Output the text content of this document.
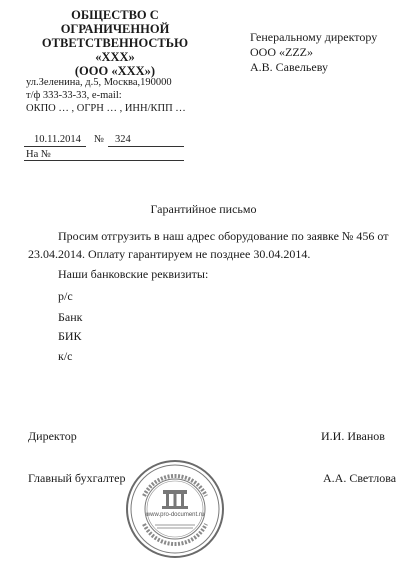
ОБЩЕСТВО С
ОГРАНИЧЕННОЙ
ОТВЕТСТВЕННОСТЬЮ
«ХХХ»
(ООО «ХХХ»)
ул.Зеленина, д.5, Москва,190000
т/ф 333-33-33, e-mail:
ОКПО … , ОГРН … , ИНН/КПП …
Генеральному директору
ООО «ZZZ»
А.В. Савельеву
10.11.2014 № 324
На №
Гарантийное письмо
Просим отгрузить в наш адрес оборудование по заявке № 456 от
23.04.2014. Оплату гарантируем не позднее 30.04.2014.
Наши банковские реквизиты:
р/с
Банк
БИК
к/с
Директор	И.И. Иванов
Главный бухгалтер	А.А. Светлова
www.pro-document.ru
